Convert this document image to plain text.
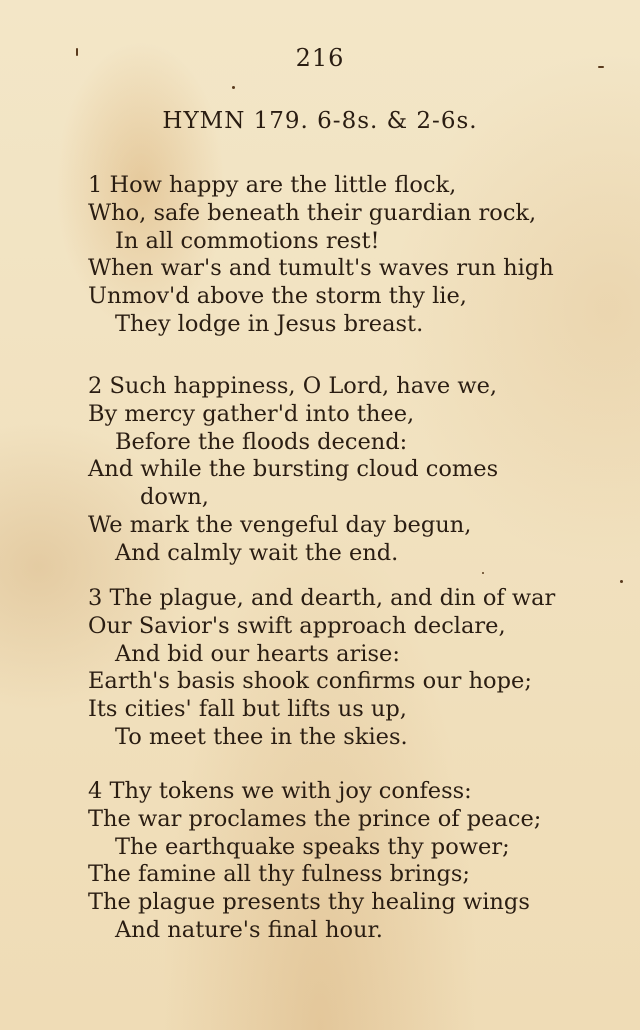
216
HYMN 179. 6-8s. & 2-6s.
1 How happy are the little flock,
Who, safe beneath their guardian rock,
In all commotions rest!
When war's and tumult's waves run high
Unmov'd above the storm thy lie,
They lodge in Jesus breast.
2 Such happiness, O Lord, have we,
By mercy gather'd into thee,
Before the floods decend:
And while the bursting cloud comes
down,
We mark the vengeful day begun,
And calmly wait the end.
3 The plague, and dearth, and din of war
Our Savior's swift approach declare,
And bid our hearts arise:
Earth's basis shook confirms our hope;
Its cities' fall but lifts us up,
To meet thee in the skies.
4 Thy tokens we with joy confess:
The war proclames the prince of peace;
The earthquake speaks thy power;
The famine all thy fulness brings;
The plague presents thy healing wings
And nature's final hour.
